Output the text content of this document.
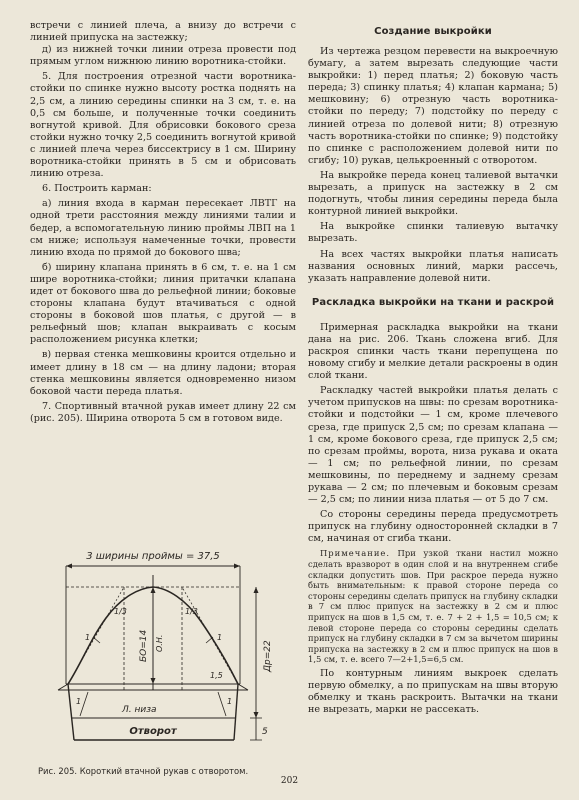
встречи с линией плеча, а внизу до встречи с линией припуска на застежку;

д) из нижней точки линии отреза провести под прямым углом нижнюю линию воротника-стойки.

5. Для построения отрезной части воротника-стойки по спинке нужно высоту ростка поднять на 2,5 см, а линию середины спинки на 3 см, т. е. на 0,5 см больше, и полученные точки соединить вогнутой кривой. Для обрисовки бокового среза стойки нужно точку 2,5 соединить вогнутой кривой с линией плеча через биссектрису в 1 см. Ширину воротника-стойки принять в 5 см и обрисовать линию отреза.

6. Построить карман:

а) линия входа в карман пересекает ЛВТГ на одной трети расстояния между линиями талии и бедер, а вспомогательную линию проймы ЛВП на 1 см ниже; используя намеченные точки, провести линию входа по прямой до бокового шва;

б) ширину клапана принять в 6 см, т. е. на 1 см шире воротника-стойки; линия притачки клапана идет от бокового шва до рельефной линии; боковые стороны клапана будут втачиваться с одной стороны в боковой шов платья, с другой — в рельефный шов; клапан выкраивать с косым расположением рисунка клетки;

в) первая стенка мешковины кроится отдельно и имеет длину в 18 см — на длину ладони; вторая стенка мешковины является одновременно низом боковой части переда платья.

7. Спортивный втачной рукав имеет длину 22 см (рис. 205). Ширина отворота 5 см в готовом виде.

3 ширины проймы = 37,5
БО=14 О.Н.	Др=22
1/3	1/3
1	1
1	1
1,5
Л. низа
Отворот	5
Рис. 205. Короткий втачной рукав с отворотом.
Создание выкройки

Из чертежа резцом перевести на выкроечную бумагу, а затем вырезать следующие части выкройки: 1) перед платья; 2) боковую часть переда; 3) спинку платья; 4) клапан кармана; 5) мешковину; 6) отрезную часть воротника-стойки по переду; 7) подстойку по переду с линией отреза по долевой нити; 8) отрезную часть воротника-стойки по спинке; 9) подстойку по спинке с расположением долевой нити по сгибу; 10) рукав, целькроенный с отворотом.

На выкройке переда конец талиевой вытачки вырезать, а припуск на застежку в 2 см подогнуть, чтобы линия середины переда была контурной линией выкройки.

На выкройке спинки талиевую вытачку вырезать.

На всех частях выкройки платья написать названия основных линий, марки рассечь, указать направление долевой нити.

Раскладка выкройки на ткани и раскрой

Примерная раскладка выкройки на ткани дана на рис. 206. Ткань сложена вгиб. Для раскроя спинки часть ткани перепущена по новому сгибу и мелкие детали раскроены в один слой ткани.

Раскладку частей выкройки платья делать с учетом припусков на швы: по срезам воротника-стойки и подстойки — 1 см, кроме плечевого среза, где припуск 2,5 см; по срезам клапана — 1 см, кроме бокового среза, где припуск 2,5 см; по срезам проймы, ворота, низа рукава и оката — 1 см; по рельефной линии, по срезам мешковины, по переднему и заднему срезам рукава — 2 см; по плечевым и боковым срезам — 2,5 см; по линии низа платья — от 5 до 7 см.

Со стороны середины переда предусмотреть припуск на глубину односторонней складки в 7 см, начиная от сгиба ткани.

Примечание. При узкой ткани настил можно сделать вразворот в один слой и на внутреннем сгибе складки допустить шов. При раскрое переда нужно быть внимательным: к правой стороне переда со стороны середины сделать припуск на глубину складки в 7 см плюс припуск на застежку в 2 см и плюс припуск на шов в 1,5 см, т. е. 7 + 2 + 1,5 = 10,5 см; к левой стороне переда со стороны середины сделать припуск на глубину складки в 7 см за вычетом ширины припуска на застежку в 2 см и плюс припуск на шов в 1,5 см, т. е. всего 7—2+1,5=6,5 см.

По контурным линиям выкроек сделать первую обмелку, а по припускам на швы вторую обмелку и ткань раскроить. Вытачки на ткани не вырезать, марки не рассекать.

202
